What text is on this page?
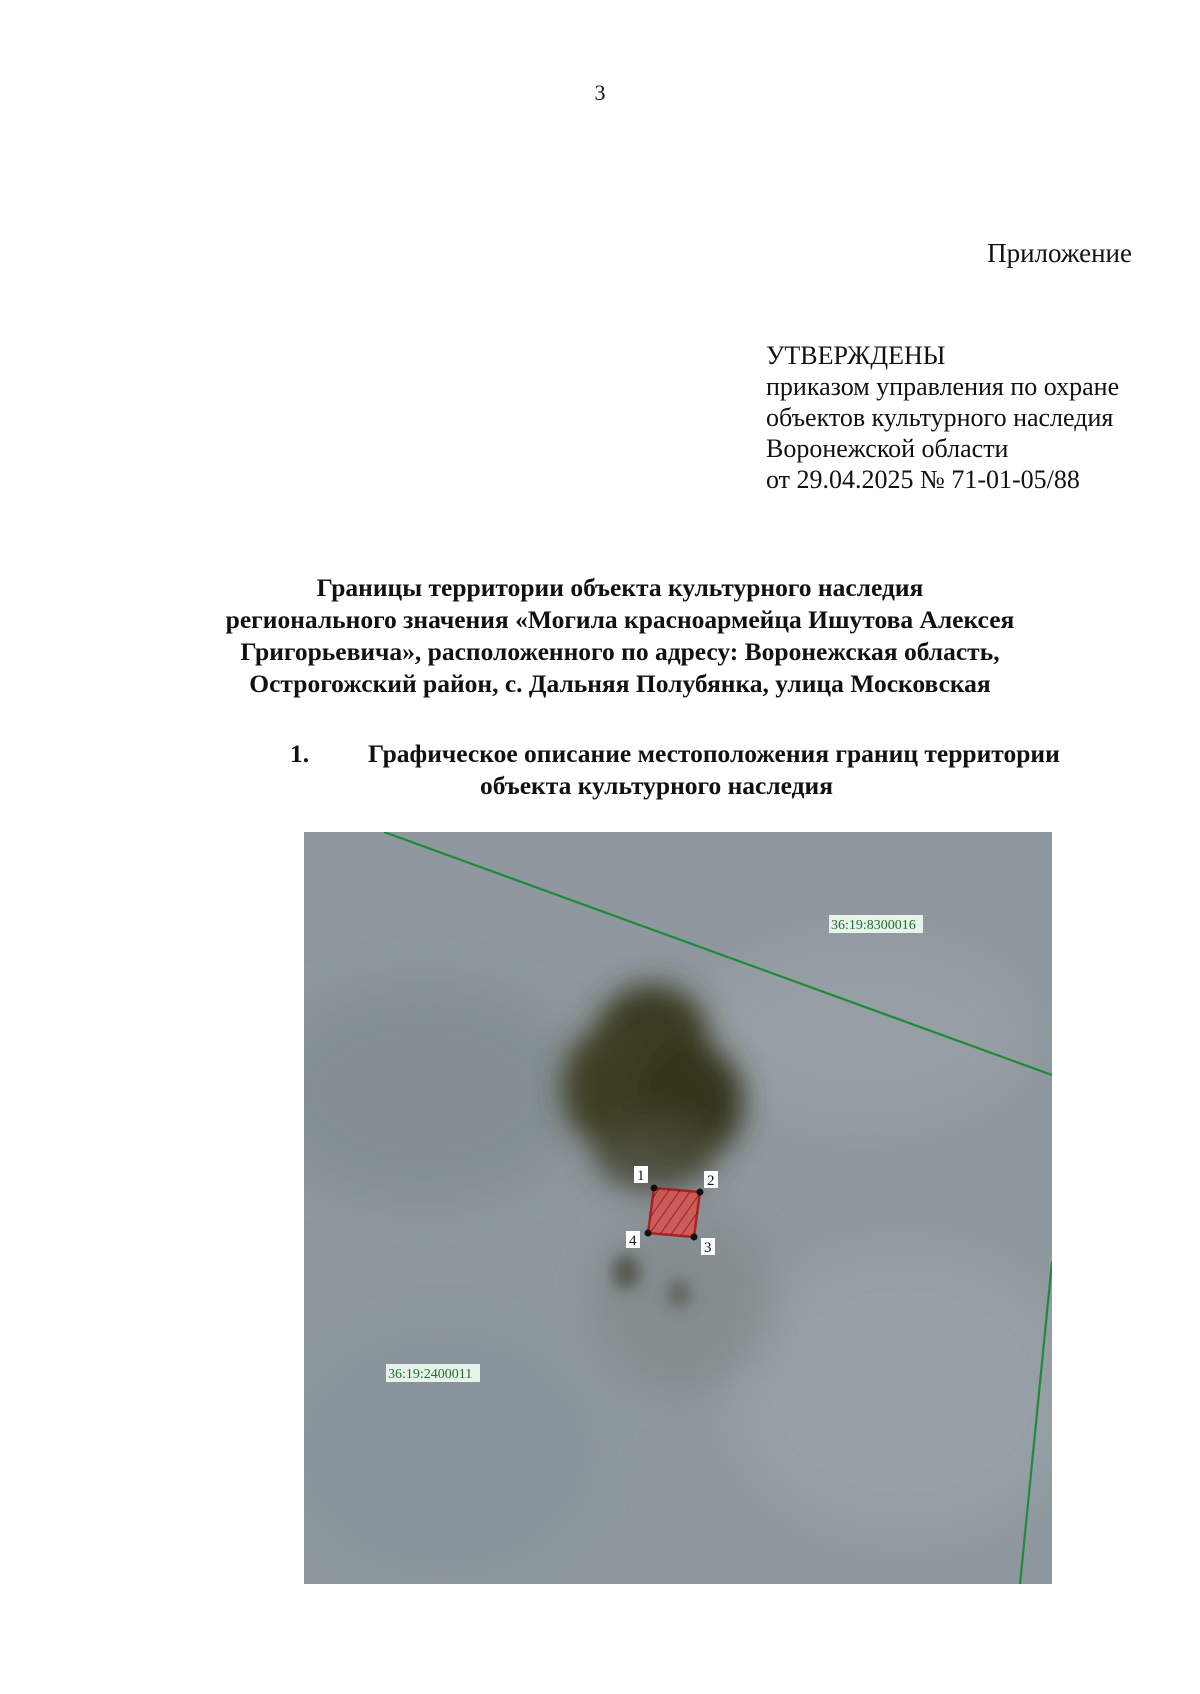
3
Приложение
УТВЕРЖДЕНЫ
приказом управления по охране
объектов культурного наследия
Воронежской области
от 29.04.2025 № 71-01-05/88
Границы территории объекта культурного наследия
регионального значения «Могила красноармейца Ишутова Алексея
Григорьевича», расположенного по адресу: Воронежская область,
Острогожский район, с. Дальняя Полубянка, улица Московская
1. Графическое описание местоположения границ территории
объекта культурного наследия
36:19:8300016
36:19:2400011
1	2
3
4
